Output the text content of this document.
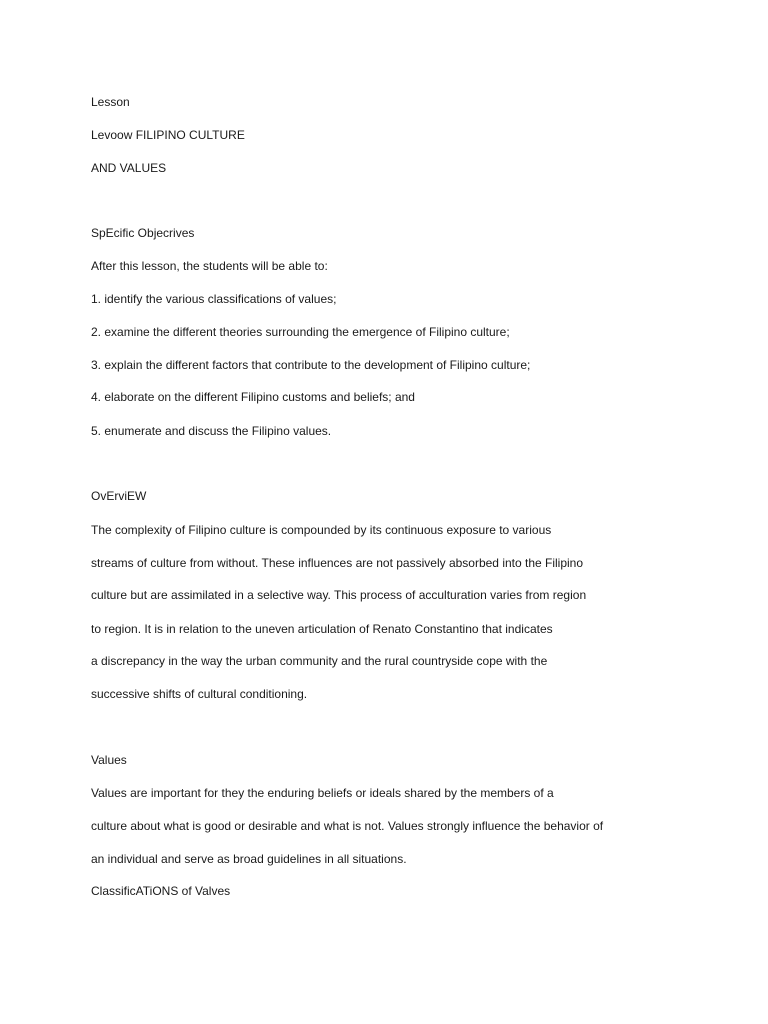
Lesson
Levoow FILIPINO CULTURE
AND VALUES
SpEcific Objecrives
After this lesson, the students will be able to:
1. identify the various classifications of values;
2. examine the different theories surrounding the emergence of Filipino culture;
3. explain the different factors that contribute to the development of Filipino culture;
4. elaborate on the different Filipino customs and beliefs; and
5. enumerate and discuss the Filipino values.
OvErviEW
The complexity of Filipino culture is compounded by its continuous exposure to various
streams of culture from without. These influences are not passively absorbed into the Filipino
culture but are assimilated in a selective way. This process of acculturation varies from region
to region. It is in relation to the uneven articulation of Renato Constantino that indicates
a discrepancy in the way the urban community and the rural countryside cope with the
successive shifts of cultural conditioning.
Values
Values are important for they the enduring beliefs or ideals shared by the members of a
culture about what is good or desirable and what is not. Values strongly influence the behavior of
an individual and serve as broad guidelines in all situations.
ClassificATiONS of Valves
